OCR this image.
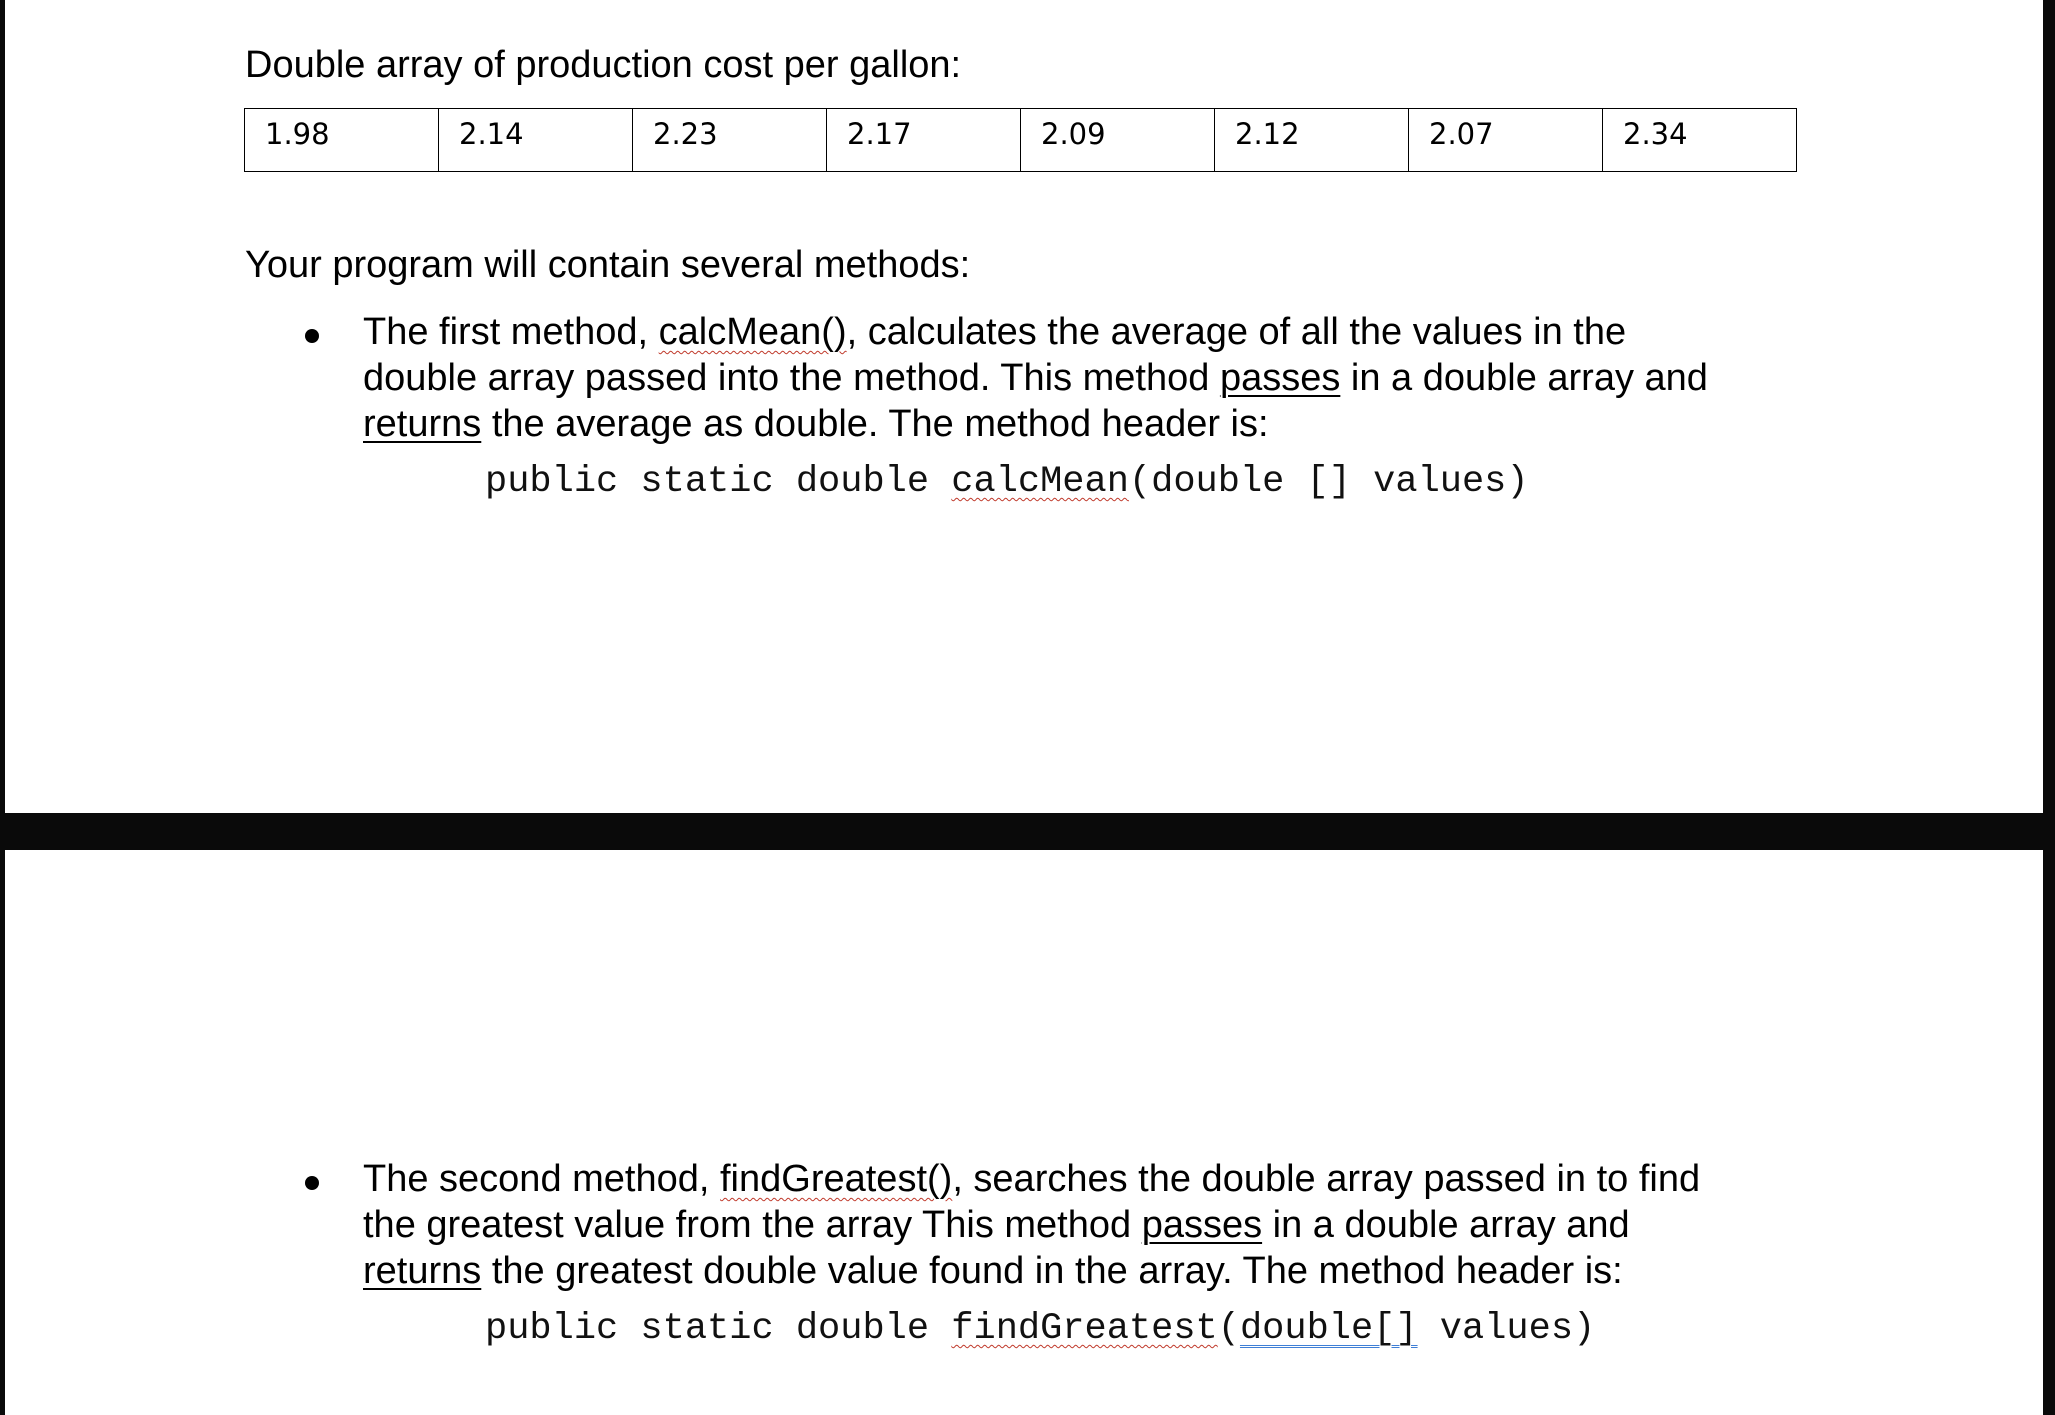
Double array of production cost per gallon:

1.98	2.14	2.23	2.17	2.09	2.12	2.07	2.34

Your program will contain several methods:

The first method, calcMean(), calculates the average of all the values in the
double array passed into the method. This method passes in a double array and
returns the average as double. The method header is:
public static double calcMean(double [] values)
The second method, findGreatest(), searches the double array passed in to find
the greatest value from the array This method passes in a double array and
returns the greatest double value found in the array. The method header is:
public static double findGreatest(double[] values)
